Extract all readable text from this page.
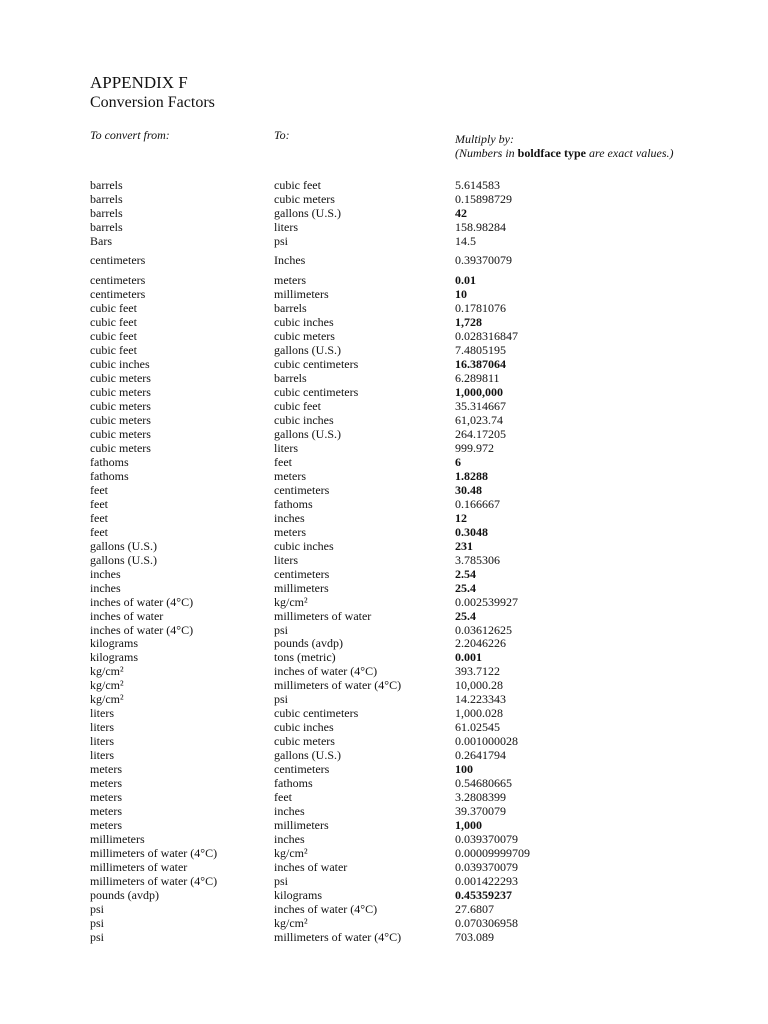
APPENDIX F
Conversion Factors
To convert from:	To:	Multiply by:
(Numbers in boldface type are exact values.)
barrels	cubic feet	5.614583
barrels	cubic meters	0.15898729
barrels	gallons (U.S.)	42
barrels	liters	158.98284
Bars	psi	14.5
centimeters	Inches	0.39370079
centimeters	meters	0.01
centimeters	millimeters	10
cubic feet	barrels	0.1781076
cubic feet	cubic inches	1,728
cubic feet	cubic meters	0.028316847
cubic feet	gallons (U.S.)	7.4805195
cubic inches	cubic centimeters	16.387064
cubic meters	barrels	6.289811
cubic meters	cubic centimeters	1,000,000
cubic meters	cubic feet	35.314667
cubic meters	cubic inches	61,023.74
cubic meters	gallons (U.S.)	264.17205
cubic meters	liters	999.972
fathoms	feet	6
fathoms	meters	1.8288
feet	centimeters	30.48
feet	fathoms	0.166667
feet	inches	12
feet	meters	0.3048
gallons (U.S.)	cubic inches	231
gallons (U.S.)	liters	3.785306
inches	centimeters	2.54
inches	millimeters	25.4
inches of water (4°C)	kg/cm²	0.002539927
inches of water	millimeters of water	25.4
inches of water (4°C)	psi	0.03612625
kilograms	pounds (avdp)	2.2046226
kilograms	tons (metric)	0.001
kg/cm²	inches of water (4°C)	393.7122
kg/cm²	millimeters of water (4°C)	10,000.28
kg/cm²	psi	14.223343
liters	cubic centimeters	1,000.028
liters	cubic inches	61.02545
liters	cubic meters	0.001000028
liters	gallons (U.S.)	0.2641794
meters	centimeters	100
meters	fathoms	0.54680665
meters	feet	3.2808399
meters	inches	39.370079
meters	millimeters	1,000
millimeters	inches	0.039370079
millimeters of water (4°C)	kg/cm²	0.00009999709
millimeters of water	inches of water	0.039370079
millimeters of water (4°C)	psi	0.001422293
pounds (avdp)	kilograms	0.45359237
psi	inches of water (4°C)	27.6807
psi	kg/cm²	0.070306958
psi	millimeters of water (4°C)	703.089
